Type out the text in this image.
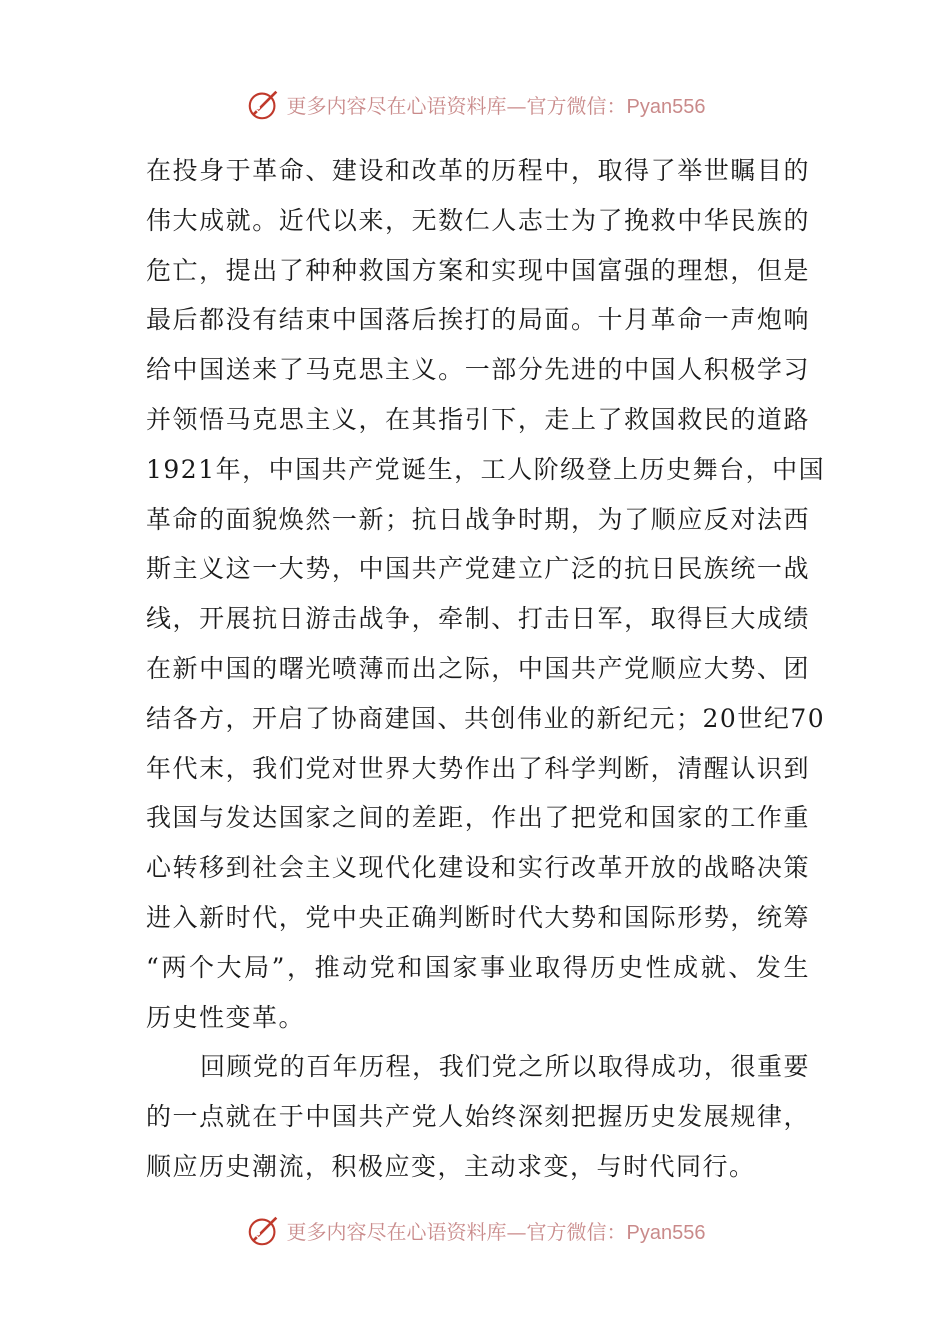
更多内容尽在心语资料库—官方微信：Pyan556

在投身于革命、建设和改革的历程中，取得了举世瞩目的
伟大成就。近代以来，无数仁人志士为了挽救中华民族的
危亡，提出了种种救国方案和实现中国富强的理想，但是
最后都没有结束中国落后挨打的局面。十月革命一声炮响
给中国送来了马克思主义。一部分先进的中国人积极学习
并领悟马克思主义，在其指引下，走上了救国救民的道路
1921年，中国共产党诞生，工人阶级登上历史舞台，中国
革命的面貌焕然一新；抗日战争时期，为了顺应反对法西
斯主义这一大势，中国共产党建立广泛的抗日民族统一战
线，开展抗日游击战争，牵制、打击日军，取得巨大成绩
在新中国的曙光喷薄而出之际，中国共产党顺应大势、团
结各方，开启了协商建国、共创伟业的新纪元；20世纪70
年代末，我们党对世界大势作出了科学判断，清醒认识到
我国与发达国家之间的差距，作出了把党和国家的工作重
心转移到社会主义现代化建设和实行改革开放的战略决策
进入新时代，党中央正确判断时代大势和国际形势，统筹
“两个大局”，推动党和国家事业取得历史性成就、发生
历史性变革。

回顾党的百年历程，我们党之所以取得成功，很重要
的一点就在于中国共产党人始终深刻把握历史发展规律，
顺应历史潮流，积极应变，主动求变，与时代同行。

更多内容尽在心语资料库—官方微信：Pyan556
